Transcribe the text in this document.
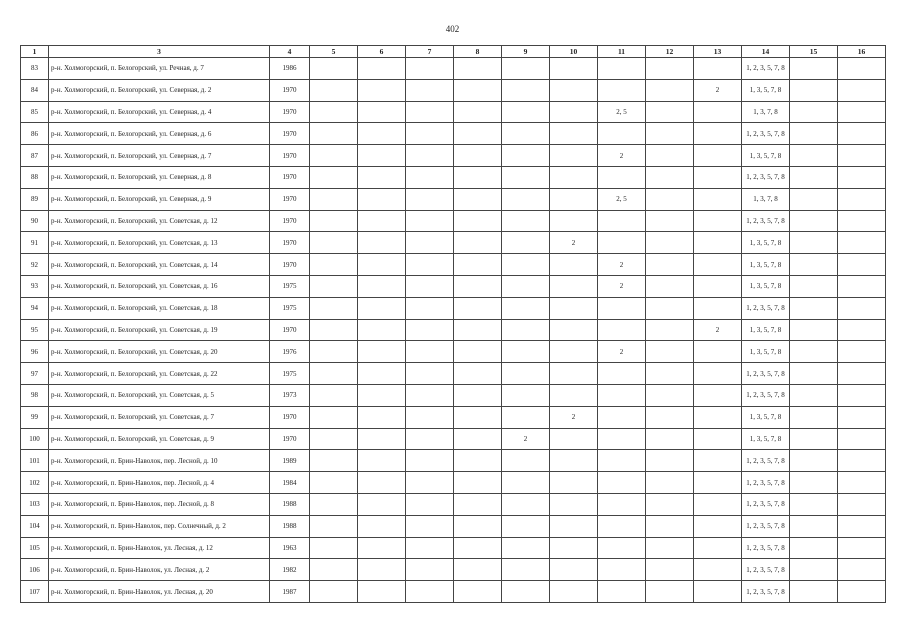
402
1	3	4	5	6	7	8	9	10	11	12	13	14	15	16
83	р-н. Холмогорский, п. Белогорский, ул. Речная, д. 7	1986										1, 2, 3, 5, 7, 8		
84	р-н. Холмогорский, п. Белогорский, ул. Северная, д. 2	1970									2	1, 3, 5, 7, 8		
85	р-н. Холмогорский, п. Белогорский, ул. Северная, д. 4	1970							2, 5			1, 3, 7, 8		
86	р-н. Холмогорский, п. Белогорский, ул. Северная, д. 6	1970										1, 2, 3, 5, 7, 8		
87	р-н. Холмогорский, п. Белогорский, ул. Северная, д. 7	1970							2			1, 3, 5, 7, 8		
88	р-н. Холмогорский, п. Белогорский, ул. Северная, д. 8	1970										1, 2, 3, 5, 7, 8		
89	р-н. Холмогорский, п. Белогорский, ул. Северная, д. 9	1970							2, 5			1, 3, 7, 8		
90	р-н. Холмогорский, п. Белогорский, ул. Советская, д. 12	1970										1, 2, 3, 5, 7, 8		
91	р-н. Холмогорский, п. Белогорский, ул. Советская, д. 13	1970						2				1, 3, 5, 7, 8		
92	р-н. Холмогорский, п. Белогорский, ул. Советская, д. 14	1970							2			1, 3, 5, 7, 8		
93	р-н. Холмогорский, п. Белогорский, ул. Советская, д. 16	1975							2			1, 3, 5, 7, 8		
94	р-н. Холмогорский, п. Белогорский, ул. Советская, д. 18	1975										1, 2, 3, 5, 7, 8		
95	р-н. Холмогорский, п. Белогорский, ул. Советская, д. 19	1970									2	1, 3, 5, 7, 8		
96	р-н. Холмогорский, п. Белогорский, ул. Советская, д. 20	1976							2			1, 3, 5, 7, 8		
97	р-н. Холмогорский, п. Белогорский, ул. Советская, д. 22	1975										1, 2, 3, 5, 7, 8		
98	р-н. Холмогорский, п. Белогорский, ул. Советская, д. 5	1973										1, 2, 3, 5, 7, 8		
99	р-н. Холмогорский, п. Белогорский, ул. Советская, д. 7	1970						2				1, 3, 5, 7, 8		
100	р-н. Холмогорский, п. Белогорский, ул. Советская, д. 9	1970					2					1, 3, 5, 7, 8		
101	р-н. Холмогорский, п. Брин-Наволок, пер. Лесной, д. 10	1989										1, 2, 3, 5, 7, 8		
102	р-н. Холмогорский, п. Брин-Наволок, пер. Лесной, д. 4	1984										1, 2, 3, 5, 7, 8		
103	р-н. Холмогорский, п. Брин-Наволок, пер. Лесной, д. 8	1988										1, 2, 3, 5, 7, 8		
104	р-н. Холмогорский, п. Брин-Наволок, пер. Солнечный, д. 2	1988										1, 2, 3, 5, 7, 8		
105	р-н. Холмогорский, п. Брин-Наволок, ул. Лесная, д. 12	1963										1, 2, 3, 5, 7, 8		
106	р-н. Холмогорский, п. Брин-Наволок, ул. Лесная, д. 2	1982										1, 2, 3, 5, 7, 8		
107	р-н. Холмогорский, п. Брин-Наволок, ул. Лесная, д. 20	1987										1, 2, 3, 5, 7, 8		
